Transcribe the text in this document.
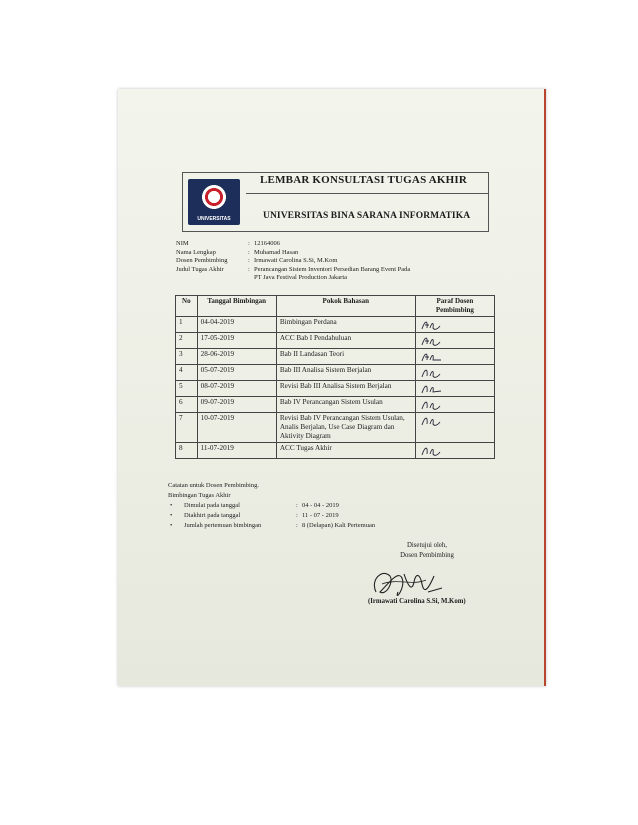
UNIVERSITAS
LEMBAR KONSULTASI TUGAS AKHIR
UNIVERSITAS BINA SARANA INFORMATIKA
NIM	: 12164006
Nama Lengkap	: Muhamad Hasan
Dosen Pembimbing	: Irmawati Carolina S.Si, M.Kom
Judul Tugas Akhir	: Perancangan Sistem Inventori Persedian Barang Event Pada
PT Java Festival Production Jakarta
No	Tanggal Bimbingan	Pokok Bahasan	Paraf Dosen Pembimbing
1	04-04-2019	Bimbingan Perdana	

2	17-05-2019	ACC Bab I Pendahuluan	

3	28-06-2019	Bab II Landasan Teori	

4	05-07-2019	Bab III Analisa Sistem Berjalan	

5	08-07-2019	Revisi Bab III Analisa Sistem Berjalan	

6	09-07-2019	Bab IV Perancangan Sistem Usulan	

7	10-07-2019	Revisi Bab IV Perancangan Sistem Usulan, Analis Berjalan, Use Case Diagram dan Aktivity Diagram	

8	11-07-2019	ACC Tugas Akhir	
Catatan untuk Dosen Pembimbing.
Bimbingan Tugas Akhir
•	Dimulai pada tanggal	: 04 - 04 - 2019
•	Diakhiri pada tanggal	: 11 - 07 - 2019
•	Jumlah pertemuan bimbingan	: 8 (Delapan) Kali Pertemuan
Disetujui oleh,
Dosen Pembimbing
(Irmawati Carolina S.Si, M.Kom)
